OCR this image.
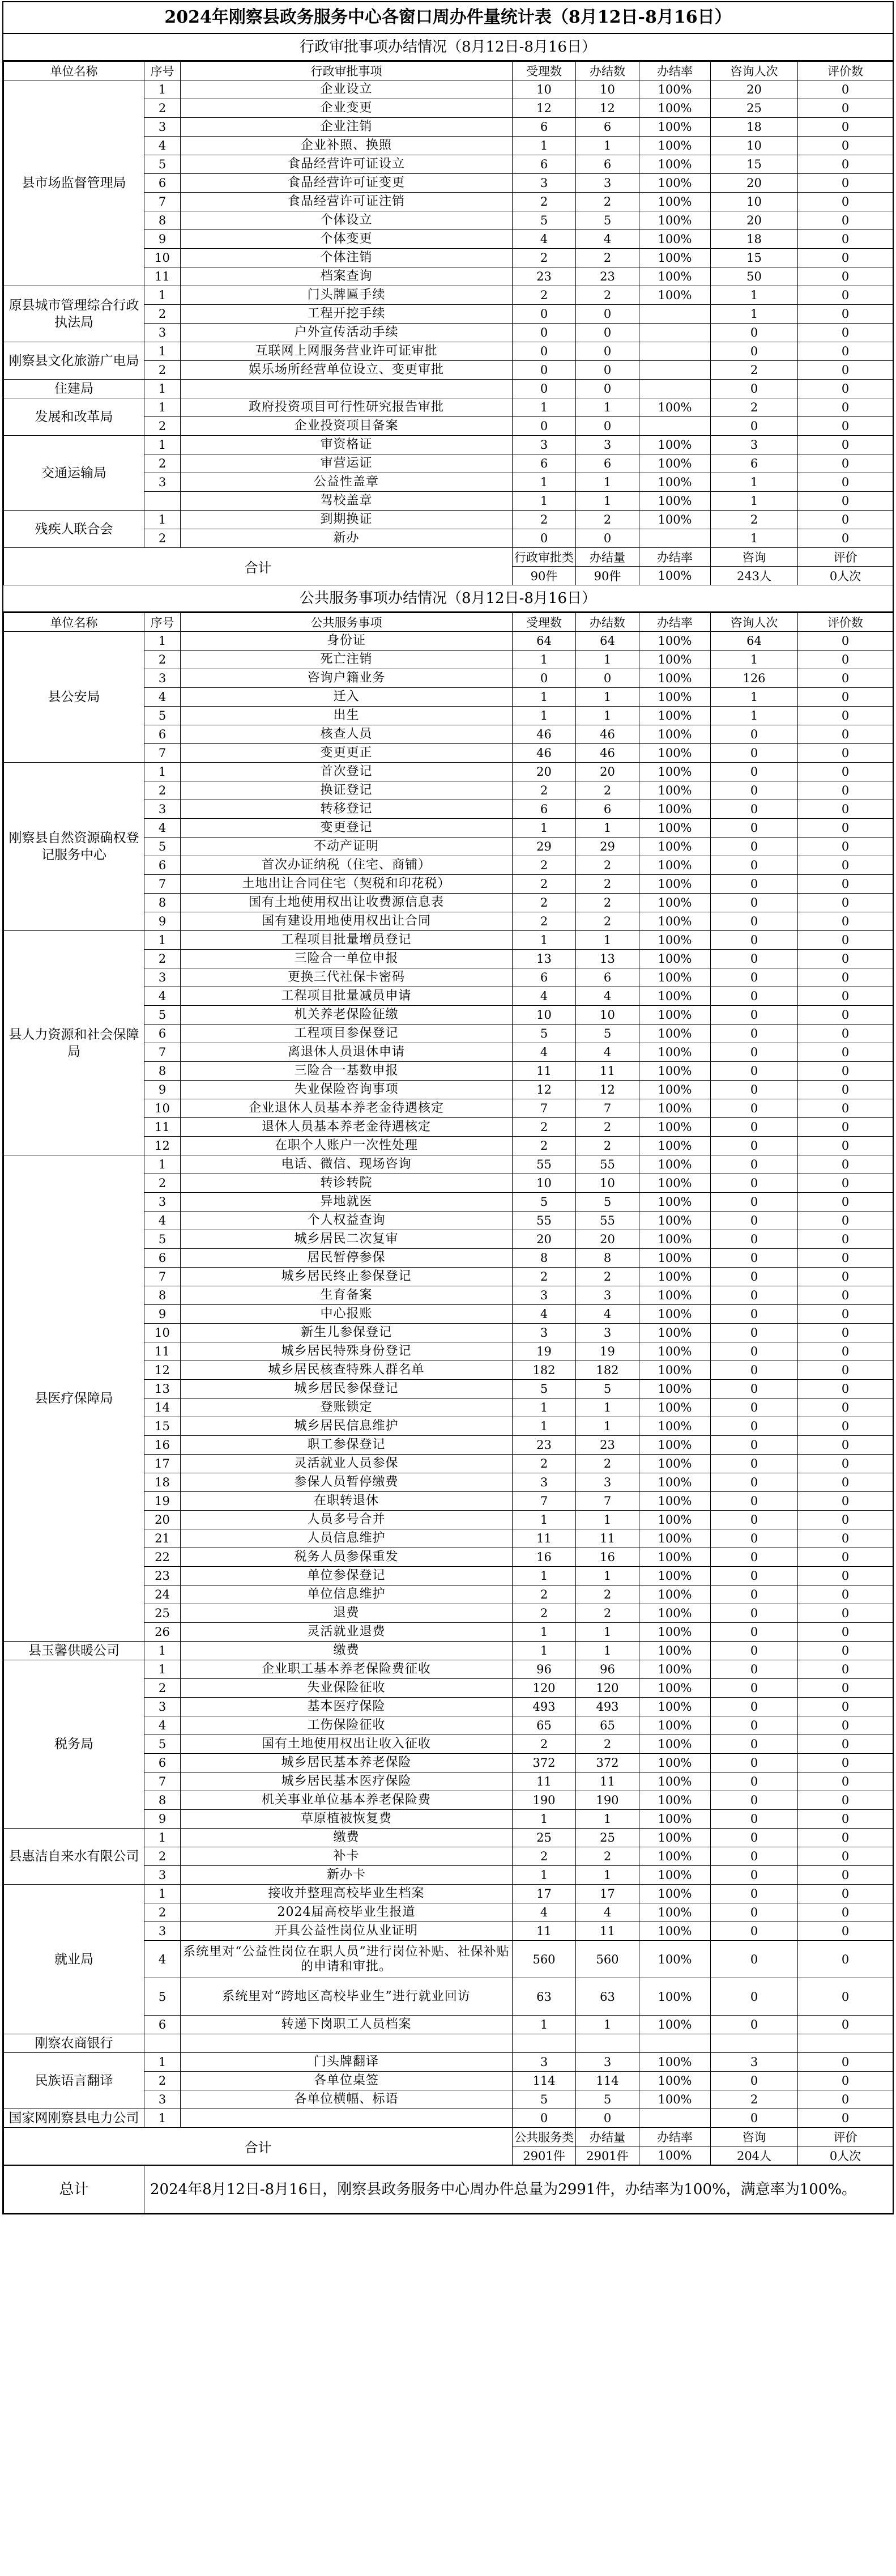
2024年刚察县政务服务中心各窗口周办件量统计表（8月12日-8月16日）
行政审批事项办结情况（8月12日-8月16日）
单位名称	序号	行政审批事项	受理数	办结数	办结率	咨询人次	评价数
县市场监督管理局	1	企业设立	10	10	100%	20	0
	2	企业变更	12	12	100%	25	0
	3	企业注销	6	6	100%	18	0
	4	企业补照、换照	1	1	100%	10	0
	5	食品经营许可证设立	6	6	100%	15	0
	6	食品经营许可证变更	3	3	100%	20	0
	7	食品经营许可证注销	2	2	100%	10	0
	8	个体设立	5	5	100%	20	0
	9	个体变更	4	4	100%	18	0
	10	个体注销	2	2	100%	15	0
	11	档案查询	23	23	100%	50	0
原县城市管理综合行政执法局	1	门头牌匾手续	2	2	100%	1	0
	2	工程开挖手续	0	0		1	0
	3	户外宣传活动手续	0	0		0	0
刚察县文化旅游广电局	1	互联网上网服务营业许可证审批	0	0		0	0
	2	娱乐场所经营单位设立、变更审批	0	0		2	0
住建局	1		0	0		0	0
发展和改革局	1	政府投资项目可行性研究报告审批	1	1	100%	2	0
	2	企业投资项目备案	0	0		0	0
交通运输局	1	审资格证	3	3	100%	3	0
	2	审营运证	6	6	100%	6	0
	3	公益性盖章	1	1	100%	1	0
		驾校盖章	1	1	100%	1	0
残疾人联合会	1	到期换证	2	2	100%	2	0
	2	新办	0	0		1	0
合计			行政审批类	办结量	办结率	咨询	评价
			90件	90件	100%	243人	0人次
公共服务事项办结情况（8月12日-8月16日）
单位名称	序号	公共服务事项	受理数	办结数	办结率	咨询人次	评价数
县公安局	1	身份证	64	64	100%	64	0
	2	死亡注销	1	1	100%	1	0
	3	咨询户籍业务	0	0	100%	126	0
	4	迁入	1	1	100%	1	0
	5	出生	1	1	100%	1	0
	6	核查人员	46	46	100%	0	0
	7	变更更正	46	46	100%	0	0
刚察县自然资源确权登记服务中心	1	首次登记	20	20	100%	0	0
	2	换证登记	2	2	100%	0	0
	3	转移登记	6	6	100%	0	0
	4	变更登记	1	1	100%	0	0
	5	不动产证明	29	29	100%	0	0
	6	首次办证纳税（住宅、商铺）	2	2	100%	0	0
	7	土地出让合同住宅（契税和印花税）	2	2	100%	0	0
	8	国有土地使用权出让收费源信息表	2	2	100%	0	0
	9	国有建设用地使用权出让合同	2	2	100%	0	0
县人力资源和社会保障局	1	工程项目批量增员登记	1	1	100%	0	0
	2	三险合一单位申报	13	13	100%	0	0
	3	更换三代社保卡密码	6	6	100%	0	0
	4	工程项目批量减员申请	4	4	100%	0	0
	5	机关养老保险征缴	10	10	100%	0	0
	6	工程项目参保登记	5	5	100%	0	0
	7	离退休人员退休申请	4	4	100%	0	0
	8	三险合一基数申报	11	11	100%	0	0
	9	失业保险咨询事项	12	12	100%	0	0
	10	企业退休人员基本养老金待遇核定	7	7	100%	0	0
	11	退休人员基本养老金待遇核定	2	2	100%	0	0
	12	在职个人账户一次性处理	2	2	100%	0	0
县医疗保障局	1	电话、微信、现场咨询	55	55	100%	0	0
	2	转诊转院	10	10	100%	0	0
	3	异地就医	5	5	100%	0	0
	4	个人权益查询	55	55	100%	0	0
	5	城乡居民二次复审	20	20	100%	0	0
	6	居民暂停参保	8	8	100%	0	0
	7	城乡居民终止参保登记	2	2	100%	0	0
	8	生育备案	3	3	100%	0	0
	9	中心报账	4	4	100%	0	0
	10	新生儿参保登记	3	3	100%	0	0
	11	城乡居民特殊身份登记	19	19	100%	0	0
	12	城乡居民核查特殊人群名单	182	182	100%	0	0
	13	城乡居民参保登记	5	5	100%	0	0
	14	登账锁定	1	1	100%	0	0
	15	城乡居民信息维护	1	1	100%	0	0
	16	职工参保登记	23	23	100%	0	0
	17	灵活就业人员参保	2	2	100%	0	0
	18	参保人员暂停缴费	3	3	100%	0	0
	19	在职转退休	7	7	100%	0	0
	20	人员多号合并	1	1	100%	0	0
	21	人员信息维护	11	11	100%	0	0
	22	税务人员参保重发	16	16	100%	0	0
	23	单位参保登记	1	1	100%	0	0
	24	单位信息维护	2	2	100%	0	0
	25	退费	2	2	100%	0	0
	26	灵活就业退费	1	1	100%	0	0
县玉馨供暖公司	1	缴费	1	1	100%	0	0
税务局	1	企业职工基本养老保险费征收	96	96	100%	0	0
	2	失业保险征收	120	120	100%	0	0
	3	基本医疗保险	493	493	100%	0	0
	4	工伤保险征收	65	65	100%	0	0
	5	国有土地使用权出让收入征收	2	2	100%	0	0
	6	城乡居民基本养老保险	372	372	100%	0	0
	7	城乡居民基本医疗保险	11	11	100%	0	0
	8	机关事业单位基本养老保险费	190	190	100%	0	0
	9	草原植被恢复费	1	1	100%	0	0
县惠洁自来水有限公司	1	缴费	25	25	100%	0	0
	2	补卡	2	2	100%	0	0
	3	新办卡	1	1	100%	0	0
就业局	1	接收并整理高校毕业生档案	17	17	100%	0	0
	2	2024届高校毕业生报道	4	4	100%	0	0
	3	开具公益性岗位从业证明	11	11	100%	0	0
	4	系统里对“公益性岗位在职人员”进行岗位补贴、社保补贴的申请和审批。	560	560	100%	0	0
	5	系统里对“跨地区高校毕业生”进行就业回访	63	63	100%	0	0
	6	转递下岗职工人员档案	1	1	100%	0	0
刚察农商银行							
民族语言翻译	1	门头牌翻译	3	3	100%	3	0
	2	各单位桌签	114	114	100%	0	0
	3	各单位横幅、标语	5	5	100%	2	0
国家网刚察县电力公司	1		0	0		0	0
合计			公共服务类	办结量	办结率	咨询	评价
			2901件	2901件	100%	204人	0人次
总计	2024年8月12日-8月16日，刚察县政务服务中心周办件总量为2991件，办结率为100%，满意率为100%。
